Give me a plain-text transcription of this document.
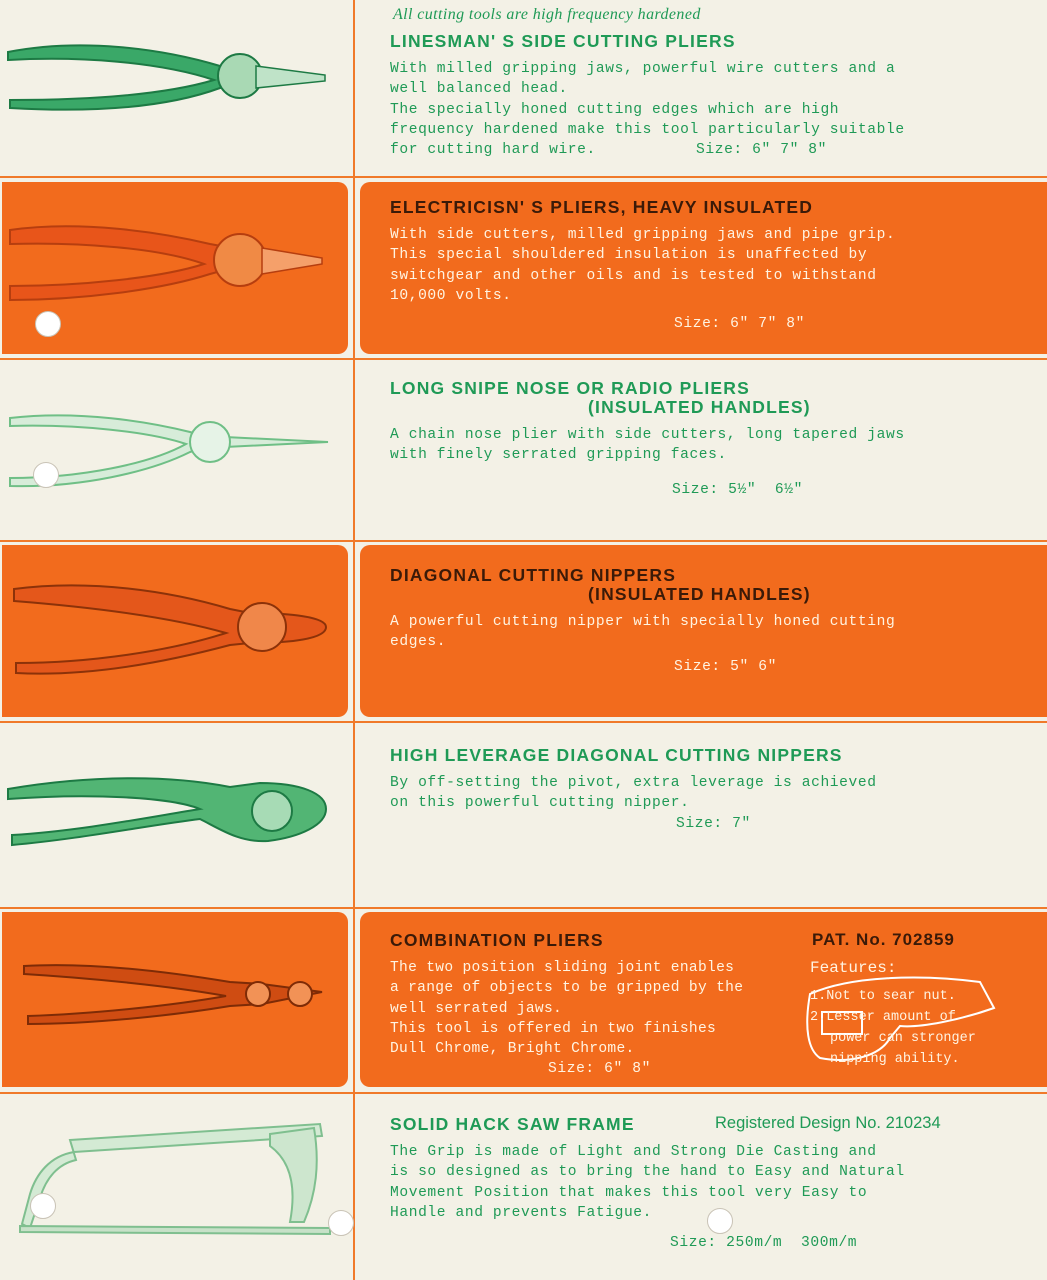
All cutting tools are high frequency hardened
LINESMAN' S SIDE CUTTING PLIERS
With milled gripping jaws, powerful wire cutters and a
well balanced head.
The specially honed cutting edges which are high
frequency hardened make this tool particularly suitable
for cutting hard wire.	Size: 6" 7" 8"
ELECTRICISN' S PLIERS, HEAVY INSULATED
With side cutters, milled gripping jaws and pipe grip.
This special shouldered insulation is unaffected by
switchgear and other oils and is tested to withstand
10,000 volts.
Size: 6" 7" 8"
LONG SNIPE NOSE OR RADIO PLIERS
(INSULATED HANDLES)
A chain nose plier with side cutters, long tapered jaws
with finely serrated gripping faces.
Size: 5½"  6½"
DIAGONAL CUTTING NIPPERS
(INSULATED HANDLES)
A powerful cutting nipper with specially honed cutting
edges.
Size: 5" 6"
HIGH LEVERAGE DIAGONAL CUTTING NIPPERS
By off-setting the pivot, extra leverage is achieved
on this powerful cutting nipper.
Size: 7"
COMBINATION PLIERS
The two position sliding joint enables
a range of objects to be gripped by the
well serrated jaws.
This tool is offered in two finishes
Dull Chrome, Bright Chrome.
Size: 6" 8"
PAT. No. 702859
Features:
1.Not to sear nut.
2.Lesser amount of
power can stronger
nipping ability.
SOLID HACK SAW FRAME
The Grip is made of Light and Strong Die Casting and
is so designed as to bring the hand to Easy and Natural
Movement Position that makes this tool very Easy to
Handle and prevents Fatigue.
Size: 250m/m  300m/m
Registered Design No. 210234
